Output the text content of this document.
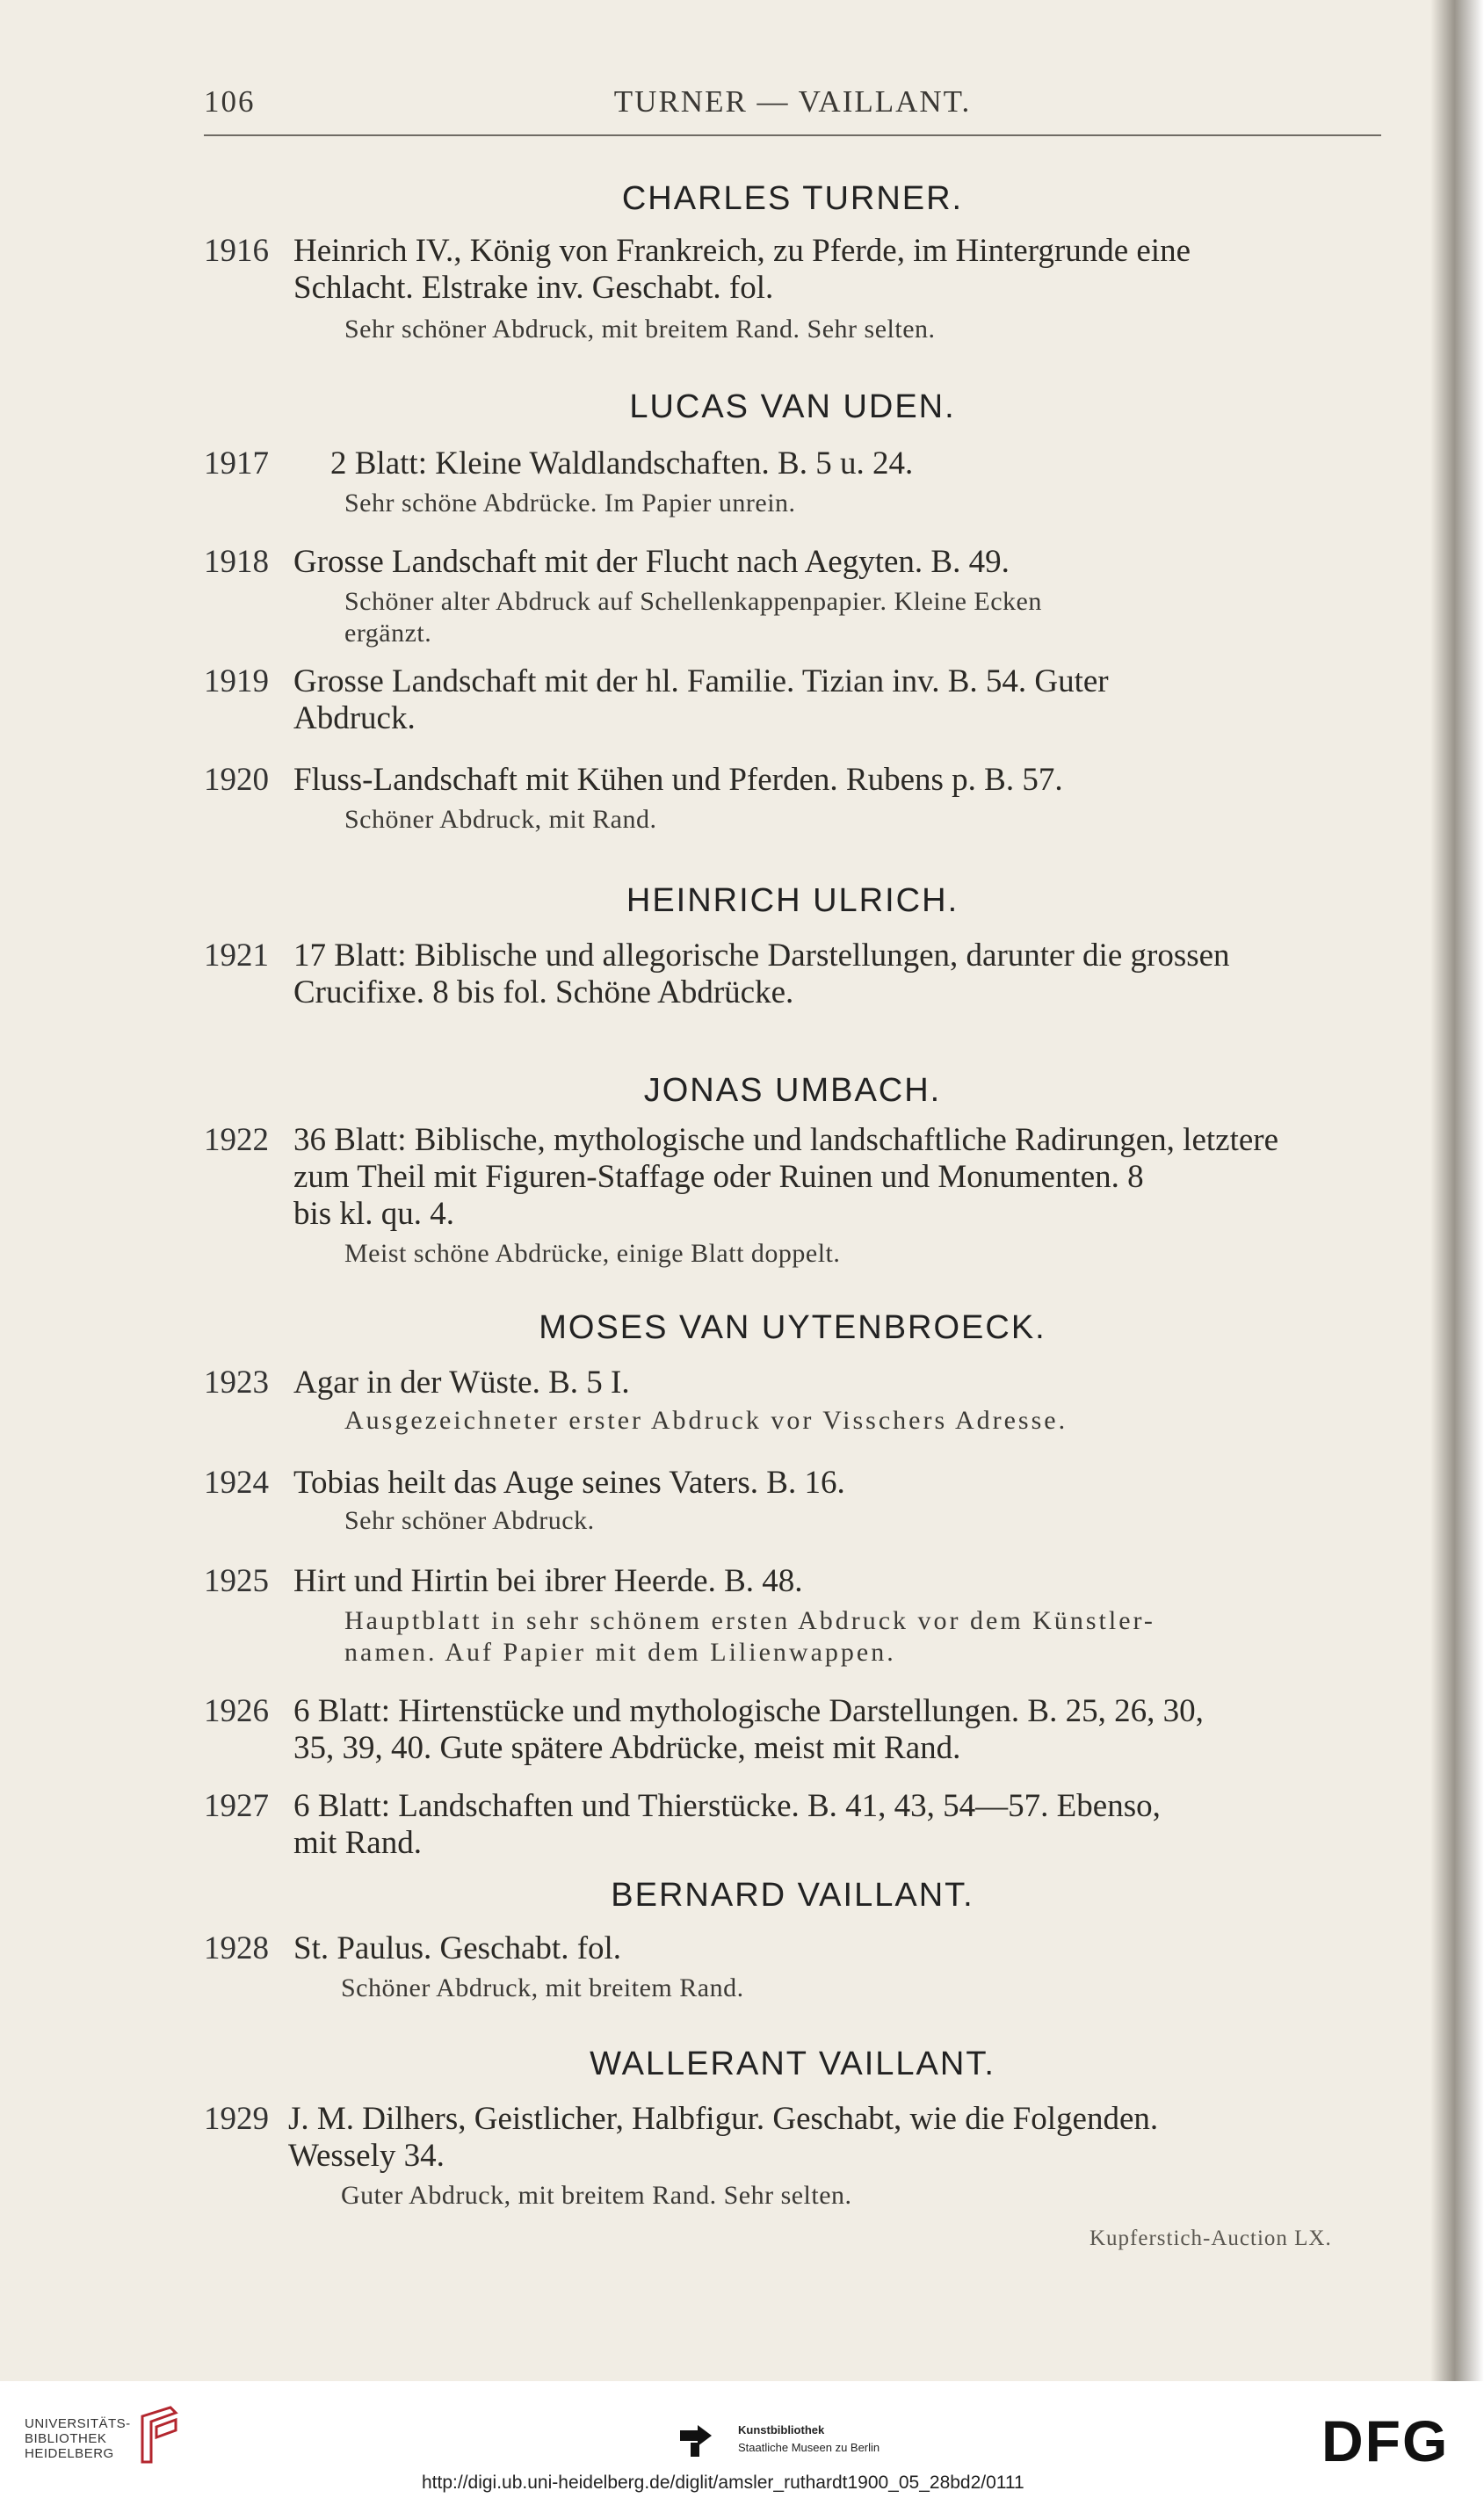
106	TURNER — VAILLANT.
CHARLES TURNER.
1916 Heinrich IV., König von Frankreich, zu Pferde, im Hintergrunde eine
Schlacht. Elstrake inv. Geschabt. fol.
Sehr schöner Abdruck, mit breitem Rand. Sehr selten.
LUCAS VAN UDEN.
1917 2 Blatt: Kleine Waldlandschaften. B. 5 u. 24.
Sehr schöne Abdrücke. Im Papier unrein.
1918 Grosse Landschaft mit der Flucht nach Aegyten. B. 49.
Schöner alter Abdruck auf Schellenkappenpapier. Kleine Ecken
ergänzt.
1919 Grosse Landschaft mit der hl. Familie. Tizian inv. B. 54. Guter
Abdruck.
1920 Fluss-Landschaft mit Kühen und Pferden. Rubens p. B. 57.
Schöner Abdruck, mit Rand.
HEINRICH ULRICH.
1921 17 Blatt: Biblische und allegorische Darstellungen, darunter die grossen
Crucifixe. 8 bis fol. Schöne Abdrücke.
JONAS UMBACH.
1922 36 Blatt: Biblische, mythologische und landschaftliche Radirungen, letztere
zum Theil mit Figuren-Staffage oder Ruinen und Monumenten. 8
bis kl. qu. 4.
Meist schöne Abdrücke, einige Blatt doppelt.
MOSES VAN UYTENBROECK.
1923 Agar in der Wüste. B. 5 I.
Ausgezeichneter erster Abdruck vor Visschers Adresse.
1924 Tobias heilt das Auge seines Vaters. B. 16.
Sehr schöner Abdruck.
1925 Hirt und Hirtin bei ibrer Heerde. B. 48.
Hauptblatt in sehr schönem ersten Abdruck vor dem Künstler-
namen. Auf Papier mit dem Lilienwappen.
1926 6 Blatt: Hirtenstücke und mythologische Darstellungen. B. 25, 26, 30,
35, 39, 40. Gute spätere Abdrücke, meist mit Rand.
1927 6 Blatt: Landschaften und Thierstücke. B. 41, 43, 54—57. Ebenso,
mit Rand.
BERNARD VAILLANT.
1928 St. Paulus. Geschabt. fol.
Schöner Abdruck, mit breitem Rand.
WALLERANT VAILLANT.
1929 J. M. Dilhers, Geistlicher, Halbfigur. Geschabt, wie die Folgenden.
Wessely 34.
Guter Abdruck, mit breitem Rand. Sehr selten.
Kupferstich-Auction LX.
UNIVERSITÄTS-
BIBLIOTHEK
HEIDELBERG
Kunstbibliothek
Staatliche Museen zu Berlin	DFG
http://digi.ub.uni-heidelberg.de/diglit/amsler_ruthardt1900_05_28bd2/0111
